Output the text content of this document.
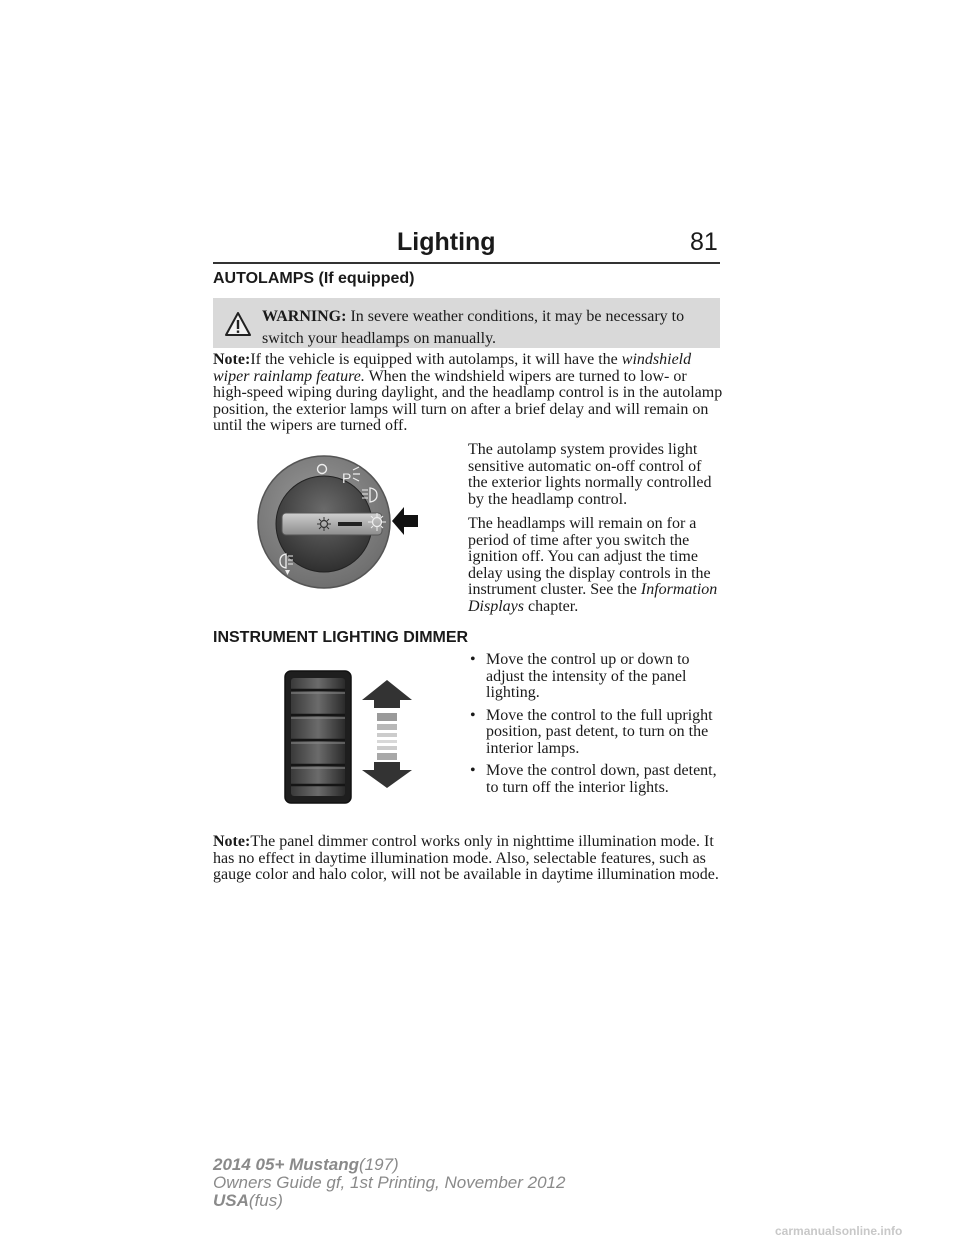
Lighting	81
AUTOLAMPS (If equipped)
WARNING: In severe weather conditions, it may be necessary to switch your headlamps on manually.
Note:If the vehicle is equipped with autolamps, it will have the windshield wiper rainlamp feature. When the windshield wipers are turned to low- or high-speed wiping during daylight, and the headlamp control is in the autolamp position, the exterior lamps will turn on after a brief delay and will remain on until the wipers are turned off.
P
The autolamp system provides light sensitive automatic on-off control of the exterior lights normally controlled by the headlamp control.
The headlamps will remain on for a period of time after you switch the ignition off. You can adjust the time delay using the display controls in the instrument cluster. See the Information Displays chapter.
INSTRUMENT LIGHTING DIMMER
• Move the control up or down to adjust the intensity of the panel lighting.
• Move the control to the full upright position, past detent, to turn on the interior lamps.
• Move the control down, past detent, to turn off the interior lights.
Note:The panel dimmer control works only in nighttime illumination mode. It has no effect in daytime illumination mode. Also, selectable features, such as gauge color and halo color, will not be available in daytime illumination mode.
2014 05+ Mustang(197)
Owners Guide gf, 1st Printing, November 2012
USA(fus)
carmanualsonline.info
